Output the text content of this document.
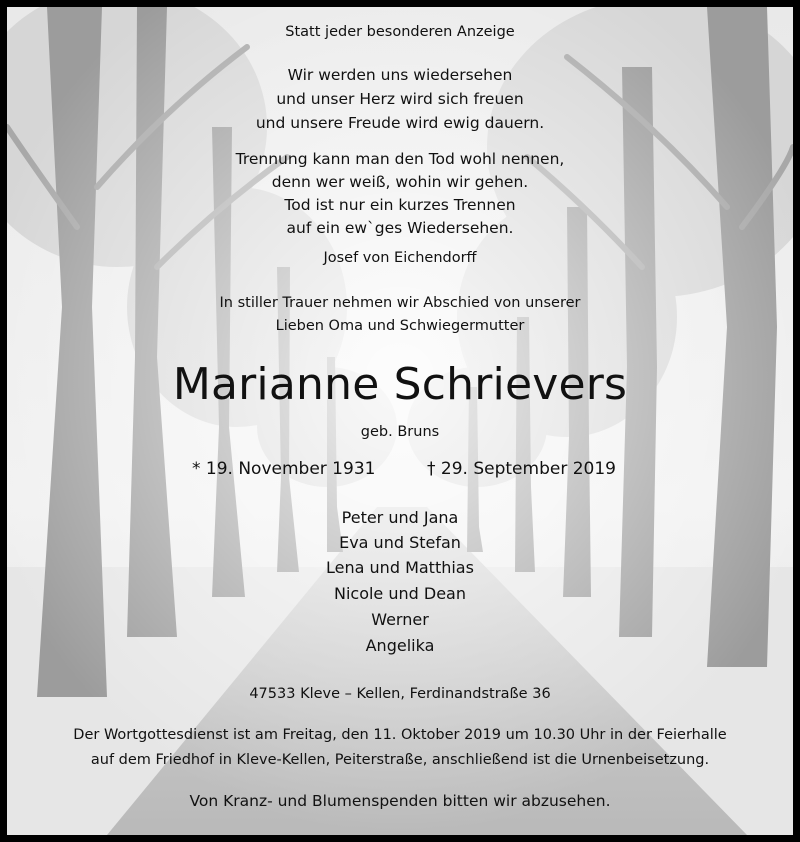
Statt jeder besonderen Anzeige
Wir werden uns wiedersehen
und unser Herz wird sich freuen
und unsere Freude wird ewig dauern.
Trennung kann man den Tod wohl nennen,
denn wer weiß, wohin wir gehen.
Tod ist nur ein kurzes Trennen
auf ein ew`ges Wiedersehen.
Josef von Eichendorff
In stiller Trauer nehmen wir Abschied von unserer
Lieben Oma und Schwiegermutter
Marianne Schrievers
geb. Bruns
* 19. November 1931	† 29. September 2019
Peter und Jana
Eva und Stefan
Lena und Matthias
Nicole und Dean
Werner
Angelika
47533 Kleve – Kellen, Ferdinandstraße 36
Der Wortgottesdienst ist am Freitag, den 11. Oktober 2019 um 10.30 Uhr in der Feierhalle
auf dem Friedhof in Kleve-Kellen, Peiterstraße, anschließend ist die Urnenbeisetzung.
Von Kranz- und Blumenspenden bitten wir abzusehen.
